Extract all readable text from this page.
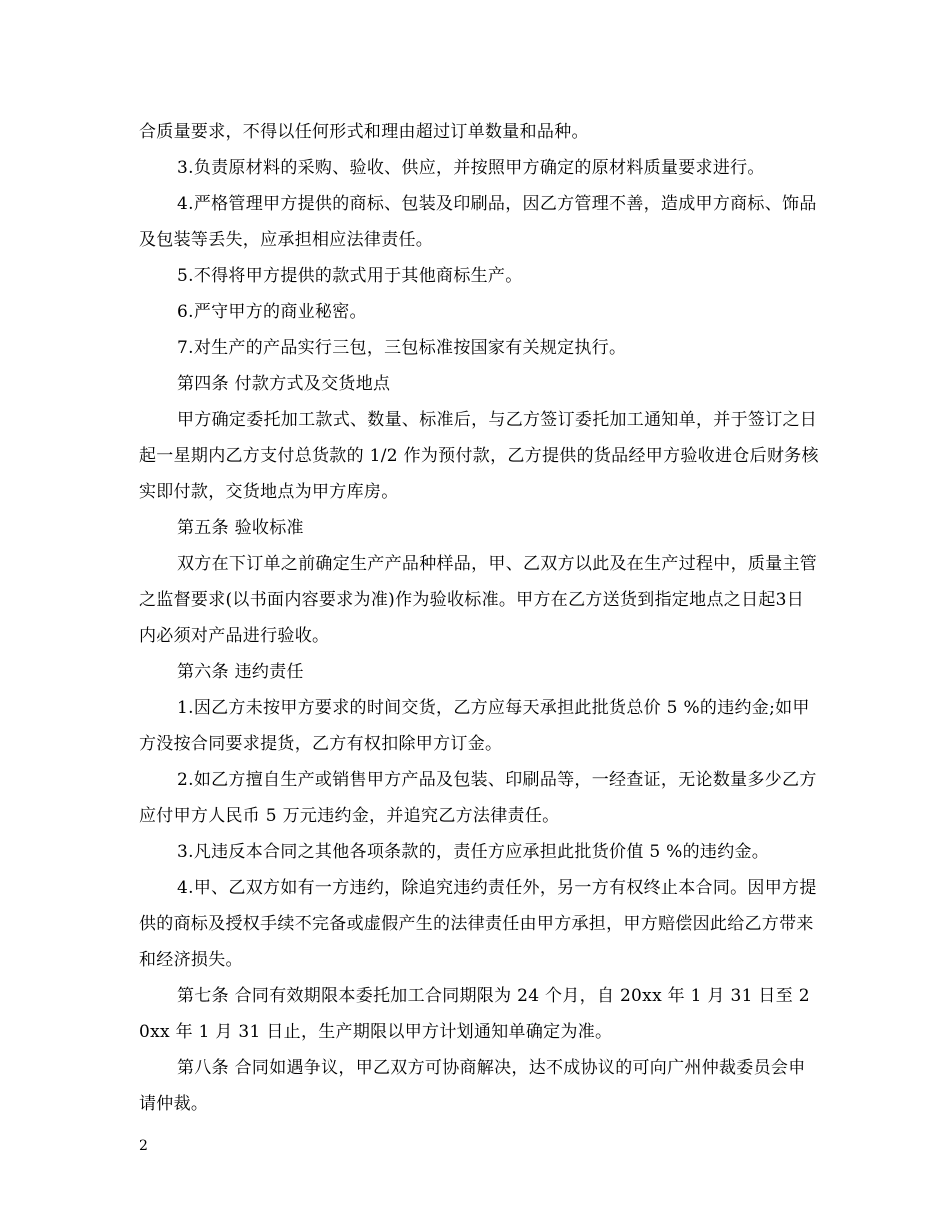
合质量要求，不得以任何形式和理由超过订单数量和品种。

3.负责原材料的采购、验收、供应，并按照甲方确定的原材料质量要求进行。

4.严格管理甲方提供的商标、包装及印刷品，因乙方管理不善，造成甲方商标、饰品及包装等丢失，应承担相应法律责任。

5.不得将甲方提供的款式用于其他商标生产。

6.严守甲方的商业秘密。

7.对生产的产品实行三包，三包标准按国家有关规定执行。

第四条 付款方式及交货地点

甲方确定委托加工款式、数量、标准后，与乙方签订委托加工通知单，并于签订之日起一星期内乙方支付总货款的 1/2 作为预付款，乙方提供的货品经甲方验收进仓后财务核实即付款，交货地点为甲方库房。

第五条 验收标准

双方在下订单之前确定生产产品种样品，甲、乙双方以此及在生产过程中，质量主管之监督要求(以书面内容要求为准)作为验收标准。甲方在乙方送货到指定地点之日起3日内必须对产品进行验收。

第六条 违约责任

1.因乙方未按甲方要求的时间交货，乙方应每天承担此批货总价 5 %的违约金;如甲方没按合同要求提货，乙方有权扣除甲方订金。

2.如乙方擅自生产或销售甲方产品及包装、印刷品等，一经查证，无论数量多少乙方应付甲方人民币 5 万元违约金，并追究乙方法律责任。

3.凡违反本合同之其他各项条款的，责任方应承担此批货价值 5 %的违约金。

4.甲、乙双方如有一方违约，除追究违约责任外，另一方有权终止本合同。因甲方提供的商标及授权手续不完备或虚假产生的法律责任由甲方承担，甲方赔偿因此给乙方带来和经济损失。

第七条 合同有效期限本委托加工合同期限为 24 个月，自 20xx 年 1 月 31 日至 20xx 年 1 月 31 日止，生产期限以甲方计划通知单确定为准。

第八条 合同如遇争议，甲乙双方可协商解决，达不成协议的可向广州仲裁委员会申请仲裁。

2
